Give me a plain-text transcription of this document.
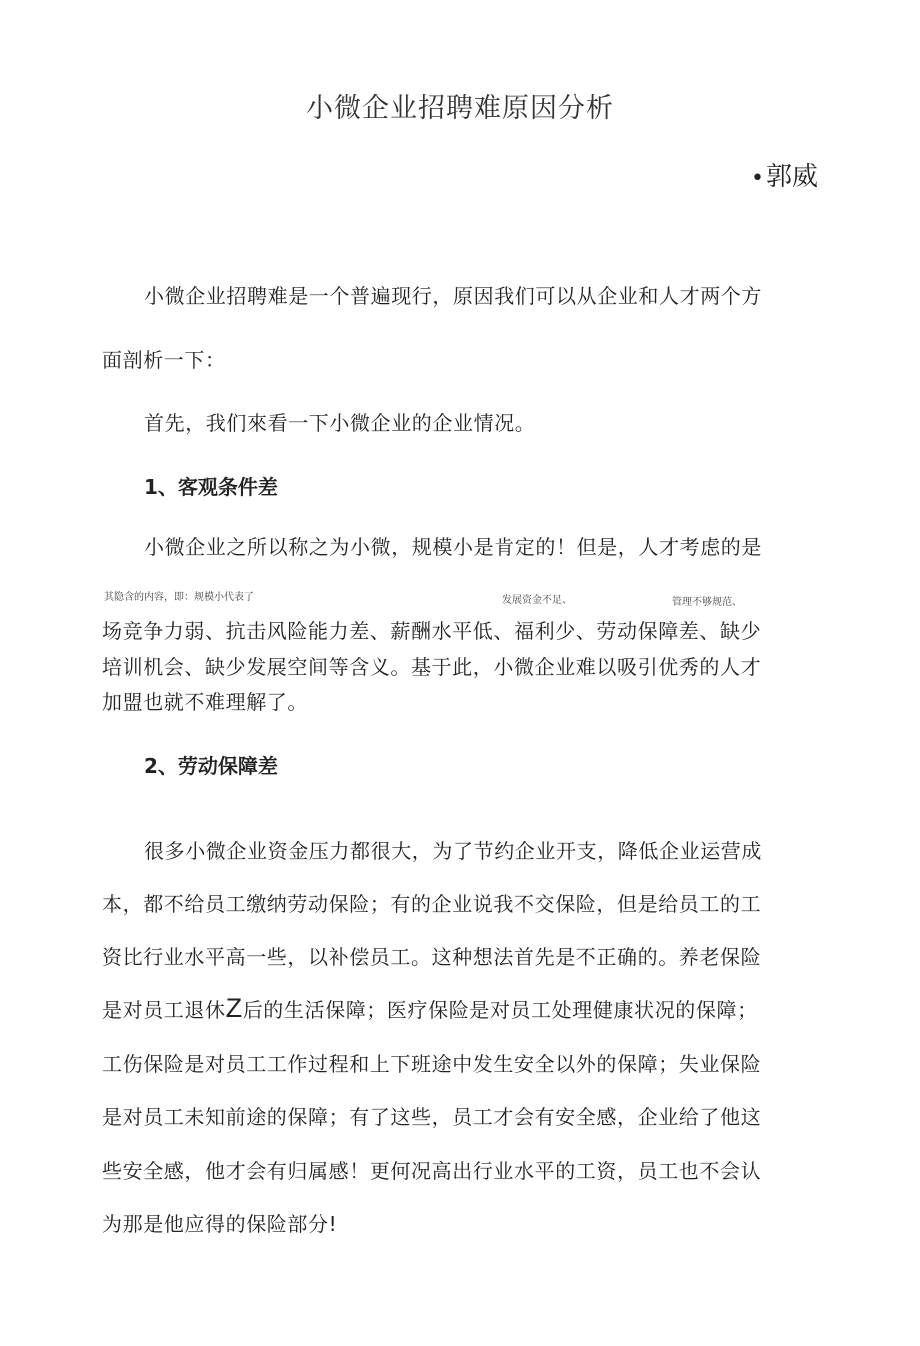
小微企业招聘难原因分析
•郭威
小微企业招聘难是一个普遍现行，原因我们可以从企业和人才两个方
面剖析一下：
首先，我们來看一下小微企业的企业情况。
1、客观条件差
小微企业之所以称之为小微，规模小是肯定的！但是，人才考虑的是
其隐含的内容，即：规模小代表了	发展资金不足、	管理不够规范、
场竞争力弱、抗击风险能力差、薪酬水平低、福利少、劳动保障差、缺少
培训机会、缺少发展空间等含义。基于此，小微企业难以吸引优秀的人才
加盟也就不难理解了。
2、劳动保障差
很多小微企业资金压力都很大，为了节约企业开支，降低企业运营成
本，都不给员工缴纳劳动保险；有的企业说我不交保险，但是给员工的工
资比行业水平高一些，以补偿员工。这种想法首先是不正确的。养老保险
是对员工退休Z后的生活保障；医疗保险是对员工处理健康状况的保障；
工伤保险是对员工工作过程和上下班途中发生安全以外的保障；失业保险
是对员工未知前途的保障；有了这些，员工才会有安全感，企业给了他这
些安全感，他才会有归属感！更何况高出行业水平的工资，员工也不会认
为那是他应得的保险部分!
